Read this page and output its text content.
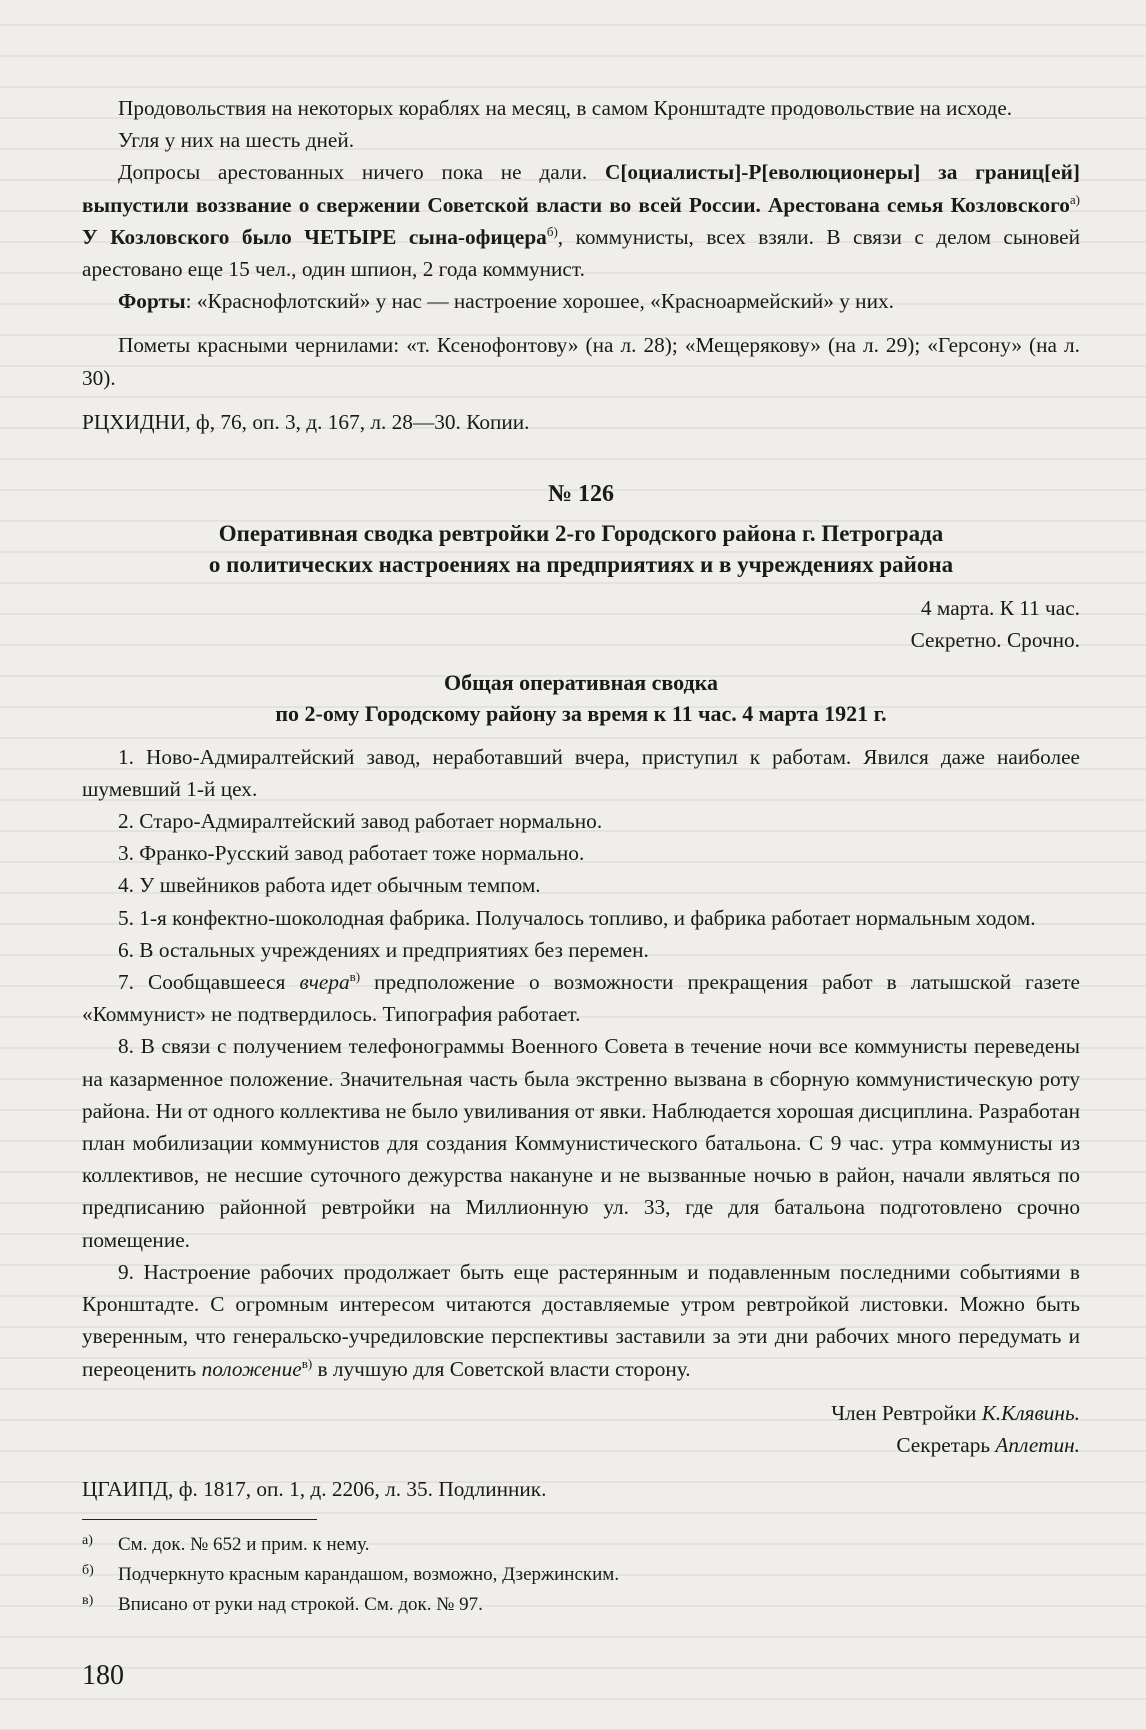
Продовольствия на некоторых кораблях на месяц, в самом Кронштадте продовольствие на исходе.

Угля у них на шесть дней.

Допросы арестованных ничего пока не дали. С[оциалисты]-Р[еволюционеры] за границ[ей] выпустили воззвание о свержении Советской власти во всей России. Арестована семья Козловского$^{а)}$ У Козловского было ЧЕТЫРЕ сына-офицера$^{б)}$, коммунисты, всех взяли. В связи с делом сыновей арестовано еще 15 чел., один шпион, 2 года коммунист.

Форты: «Краснофлотский» у нас — настроение хорошее, «Красноармейский» у них.

Пометы красными чернилами: «т. Ксенофонтову» (на л. 28); «Мещерякову» (на л. 29); «Герсону» (на л. 30).

РЦХИДНИ, ф, 76, оп. 3, д. 167, л. 28—30. Копии.

№ 126
Оперативная сводка ревтройки 2-го Городского района г. Петрограда
о политических настроениях на предприятиях и в учреждениях района
4 марта. К 11 час.
Секретно. Срочно.
Общая оперативная сводка
по 2-ому Городскому району за время к 11 час. 4 марта 1921 г.

1. Ново-Адмиралтейский завод, неработавший вчера, приступил к работам. Явился даже наиболее шумевший 1-й цех.

2. Старо-Адмиралтейский завод работает нормально.

3. Франко-Русский завод работает тоже нормально.

4. У швейников работа идет обычным темпом.

5. 1-я конфектно-шоколодная фабрика. Получалось топливо, и фабрика работает нормальным ходом.

6. В остальных учреждениях и предприятиях без перемен.

7. Сообщавшееся вчера$^{в)}$ предположение о возможности прекращения работ в латышской газете «Коммунист» не подтвердилось. Типография работает.

8. В связи с получением телефонограммы Военного Совета в течение ночи все коммунисты переведены на казарменное положение. Значительная часть была экстренно вызвана в сборную коммунистическую роту района. Ни от одного коллектива не было увиливания от явки. Наблюдается хорошая дисциплина. Разработан план мобилизации коммунистов для создания Коммунистического батальона. С 9 час. утра коммунисты из коллективов, не несшие суточного дежурства накануне и не вызванные ночью в район, начали являться по предписанию районной ревтройки на Миллионную ул. 33, где для батальона подготовлено срочно помещение.

9. Настроение рабочих продолжает быть еще растерянным и подавленным последними событиями в Кронштадте. С огромным интересом читаются доставляемые утром ревтройкой листовки. Можно быть уверенным, что генеральско-учредиловские перспективы заставили за эти дни рабочих много передумать и переоценить положение$^{в)}$ в лучшую для Советской власти сторону.

Член Ревтройки К.Клявинь.
Секретарь Аплетин.

ЦГАИПД, ф. 1817, оп. 1, д. 2206, л. 35. Подлинник.

а) См. док. № 652 и прим. к нему.
б) Подчеркнуто красным карандашом, возможно, Дзержинским.
в) Вписано от руки над строкой. См. док. № 97.
180
